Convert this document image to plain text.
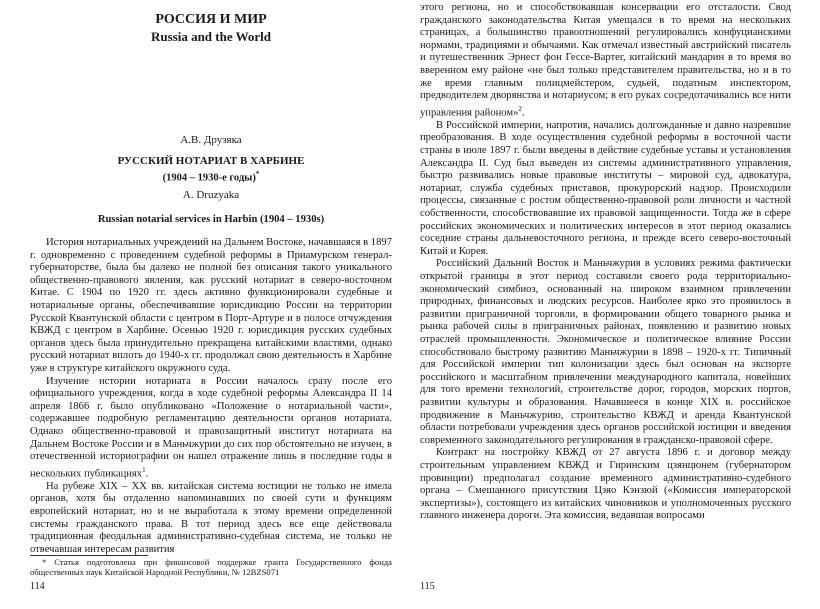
РОССИЯ И МИР
Russia and the World
А.В. Друзяка
РУССКИЙ НОТАРИАТ В ХАРБИНЕ
(1904 – 1930-е годы)*
A. Druzyaka
Russian notarial services in Harbin (1904 – 1930s)

История нотариальных учреждений на Дальнем Востоке, начавшаяся в 1897 г. одновременно с проведением судебной реформы в Приамурском генерал-губернаторстве, была бы далеко не полной без описания такого уникального общественно-правового явления, как русский нотариат в северо-восточном Китае. С 1904 по 1920 гг. здесь активно функционировали судебные и нотариальные органы, обеспечивавшие юрисдикцию России на территории Русской Квантунской области с центром в Порт-Артуре и в полосе отчуждения КВЖД с центром в Харбине. Осенью 1920 г. юрисдикция русских судебных органов здесь была принудительно прекращена китайскими властями, однако русский нотариат вплоть до 1940-х гг. продолжал свою деятельность в Харбине уже в структуре китайского окружного суда.

Изучение истории нотариата в России началось сразу после его официального учреждения, когда в ходе судебной реформы Александра II 14 апреля 1866 г. было опубликовано «Положение о нотариальной части», содержавшее подробную регламентацию деятельности органов нотариата. Однако общественно-правовой и правозащитный институт нотариата на Дальнем Востоке России и в Маньчжурии до сих пор обстоятельно не изучен, в отечественной историографии он нашел отражение лишь в последние годы в нескольких публикациях$^1$.

На рубеже XIX – XX вв. китайская система юстиции не только не имела органов, хотя бы отдаленно напоминавших по своей сути и функциям европейский нотариат, но и не выработала к этому времени определенной системы гражданского права. В тот период здесь все еще действовала традиционная феодальная административно-судебная система, не только не отвечавшая интересам развития

* Статья подготовлена при финансовой поддержке гранта Государственного фонда общественных наук Китайской Народной Республики, № 12BZS071
114

этого региона, но и способствовавшая консервации его отсталости. Свод гражданского законодательства Китая умещался в то время на нескольких страницах, а большинство правоотношений регулировались конфуцианскими нормами, традициями и обычаями. Как отмечал известный австрийский писатель и путешественник Эрнест фон Гессе-Вартег, китайский мандарин в то время во вверенном ему районе «не был только представителем правительства, но и в то же время главным полицмейстером, судьей, податным инспектором, предводителем дворянства и нотариусом; в его руках сосредотачивались все нити управления районом»$^2$.

В Российской империи, напротив, начались долгожданные и давно назревшие преобразования. В ходе осуществления судебной реформы в восточной части страны в июле 1897 г. были введены в действие судебные уставы и установления Александра II. Суд был выведен из системы административного управления, быстро развивались новые правовые институты – мировой суд, адвокатура, нотариат, служба судебных приставов, прокурорский надзор. Происходили процессы, связанные с ростом общественно-правовой роли личности и частной собственности, способствовавшие их правовой защищенности. Тогда же в сфере российских экономических и политических интересов в этот период оказались соседние страны дальневосточного региона, и прежде всего северо-восточный Китай и Корея.

Российский Дальний Восток и Маньчжурия в условиях режима фактически открытой границы в этот период составили своего рода территориально-экономический симбиоз, основанный на широком взаимном привлечении природных, финансовых и людских ресурсов. Наиболее ярко это проявилось в развитии приграничной торговли, в формировании общего товарного рынка и рынка рабочей силы в приграничных районах, появлению и развитию новых отраслей промышленности. Экономическое и политическое влияние России способствовало быстрому развитию Маньчжурии в 1898 – 1920-х гг. Типичный для Российской империи тип колонизации здесь был основан на экспорте российского и масштабном привлечении международного капитала, новейших для того времени технологий, строительстве дорог, городов, морских портов, развитии культуры и образования. Начавшееся в конце XIX в. российское продвижение в Маньчжурию, строительство КВЖД и аренда Квантунской области потребовали учреждения здесь органов российской юстиции и введения современного законодательного регулирования в гражданско-правовой сфере.

Контракт на постройку КВЖД от 27 августа 1896 г. и договор между строительным управлением КВЖД и Гиринским цзянцюнем (губернатором провинции) предполагал создание временного административно-судебного органа – Смешанного присутствия Цзяо Кэнзюй («Комиссия императорской экспертизы»), состоящего из китайских чиновников и уполномоченных русского главного инженера дороги. Эта комиссия, ведавшая вопросами

115
